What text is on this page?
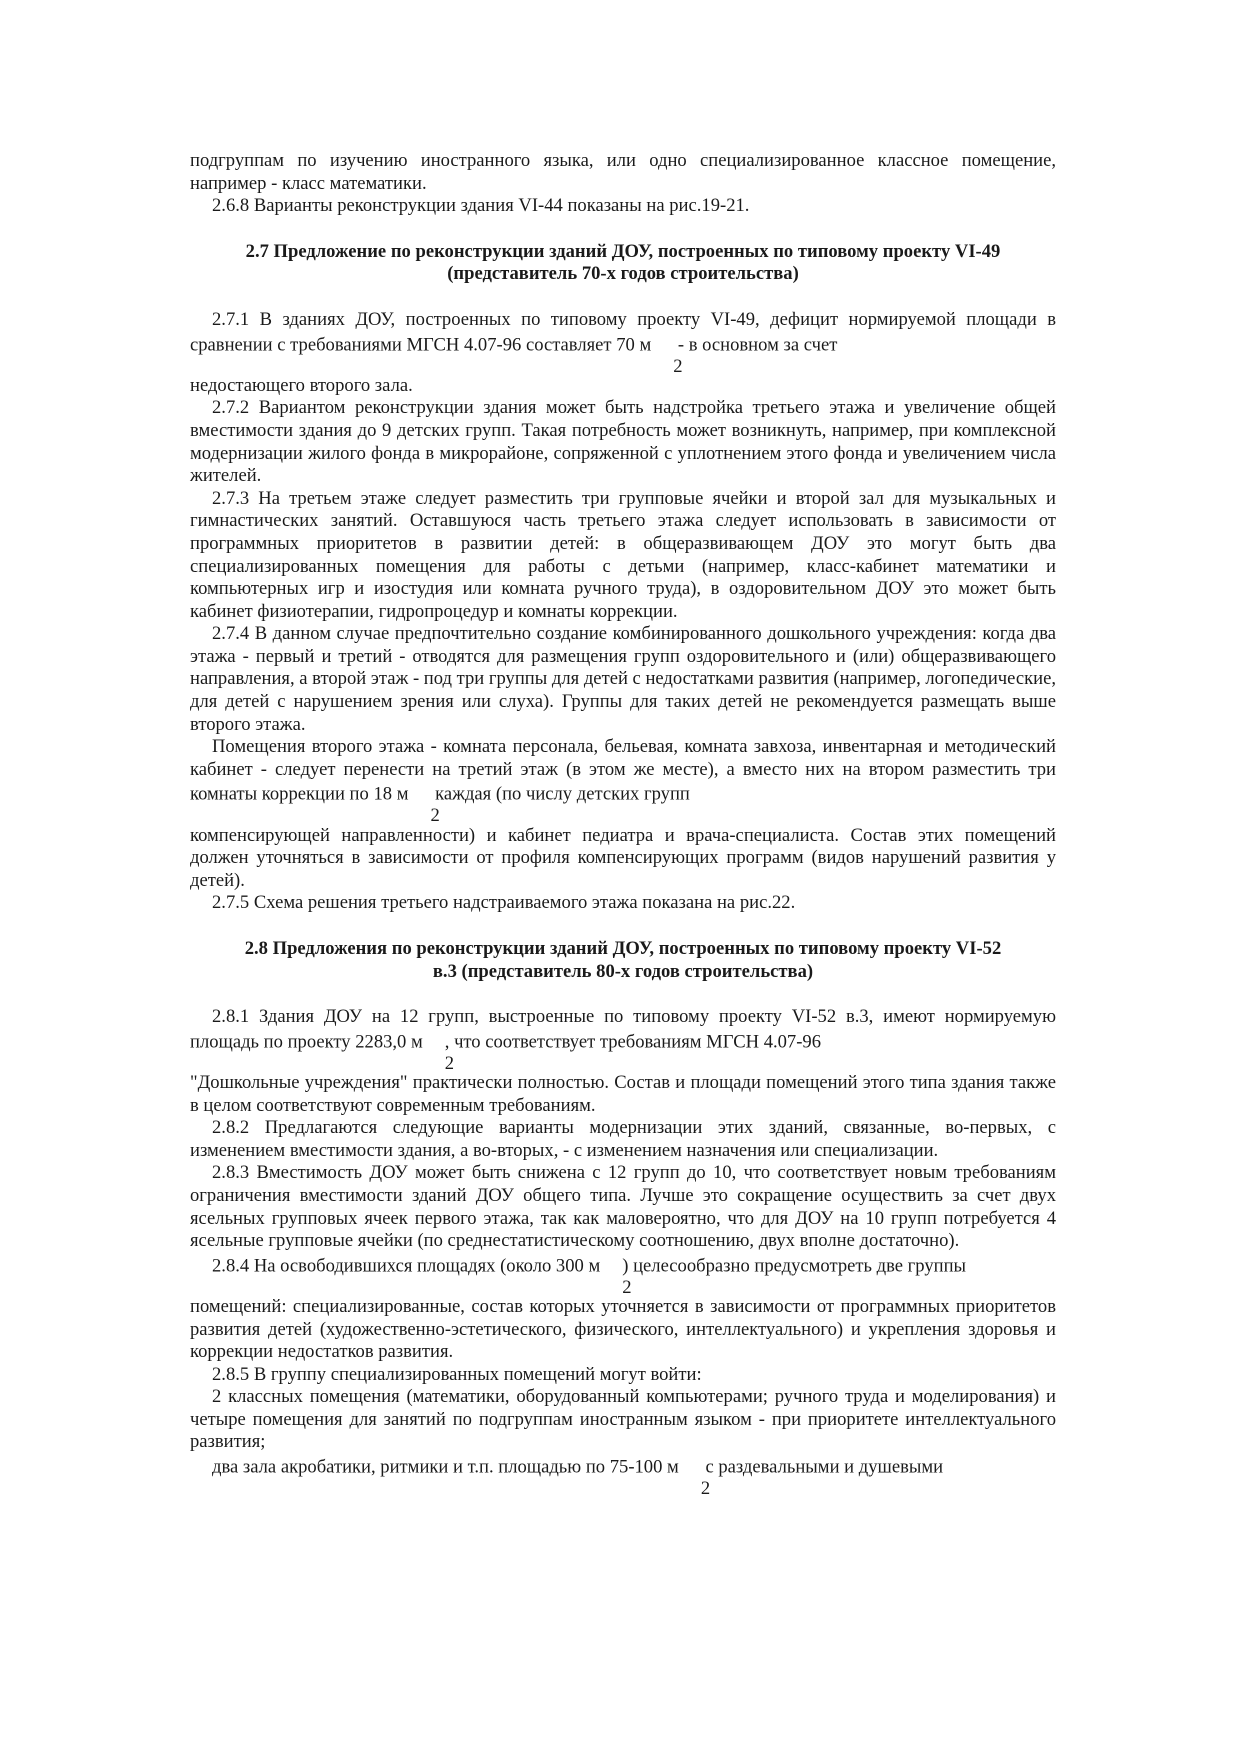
подгруппам по изучению иностранного языка, или одно специализированное классное помещение, например - класс математики.

2.6.8 Варианты реконструкции здания VI-44 показаны на рис.19-21.

2.7 Предложение по реконструкции зданий ДОУ, построенных по типовому проекту VI-49
(представитель 70-х годов строительства)

2.7.1 В зданиях ДОУ, построенных по типовому проекту VI-49, дефицит нормируемой площади в сравнении с требованиями МГСН 4.07-96 составляет 70 м
2
- в основном за счет

недостающего второго зала.

2.7.2 Вариантом реконструкции здания может быть надстройка третьего этажа и увеличение общей вместимости здания до 9 детских групп. Такая потребность может возникнуть, например, при комплексной модернизации жилого фонда в микрорайоне, сопряженной с уплотнением этого фонда и увеличением числа жителей.

2.7.3 На третьем этаже следует разместить три групповые ячейки и второй зал для музыкальных и гимнастических занятий. Оставшуюся часть третьего этажа следует использовать в зависимости от программных приоритетов в развитии детей: в общеразвивающем ДОУ это могут быть два специализированных помещения для работы с детьми (например, класс-кабинет математики и компьютерных игр и изостудия или комната ручного труда), в оздоровительном ДОУ это может быть кабинет физиотерапии, гидропроцедур и комнаты коррекции.

2.7.4 В данном случае предпочтительно создание комбинированного дошкольного учреждения: когда два этажа - первый и третий - отводятся для размещения групп оздоровительного и (или) общеразвивающего направления, а второй этаж - под три группы для детей с недостатками развития (например, логопедические, для детей с нарушением зрения или слуха). Группы для таких детей не рекомендуется размещать выше второго этажа.

Помещения второго этажа - комната персонала, бельевая, комната завхоза, инвентарная и методический кабинет - следует перенести на третий этаж (в этом же месте), а вместо них на втором разместить три комнаты коррекции по 18 м
2
каждая (по числу детских групп

компенсирующей направленности) и кабинет педиатра и врача-специалиста. Состав этих помещений должен уточняться в зависимости от профиля компенсирующих программ (видов нарушений развития у детей).

2.7.5 Схема решения третьего надстраиваемого этажа показана на рис.22.

2.8 Предложения по реконструкции зданий ДОУ, построенных по типовому проекту VI-52
в.3 (представитель 80-х годов строительства)

2.8.1 Здания ДОУ на 12 групп, выстроенные по типовому проекту VI-52 в.3, имеют нормируемую площадь по проекту 2283,0 м
2
, что соответствует требованиям МГСН 4.07-96

"Дошкольные учреждения" практически полностью. Состав и площади помещений этого типа здания также в целом соответствуют современным требованиям.

2.8.2 Предлагаются следующие варианты модернизации этих зданий, связанные, во-первых, с изменением вместимости здания, а во-вторых, - с изменением назначения или специализации.

2.8.3 Вместимость ДОУ может быть снижена с 12 групп до 10, что соответствует новым требованиям ограничения вместимости зданий ДОУ общего типа. Лучше это сокращение осуществить за счет двух ясельных групповых ячеек первого этажа, так как маловероятно, что для ДОУ на 10 групп потребуется 4 ясельные групповые ячейки (по среднестатистическому соотношению, двух вполне достаточно).

2.8.4 На освободившихся площадях (около 300 м
2
) целесообразно предусмотреть две группы

помещений: специализированные, состав которых уточняется в зависимости от программных приоритетов развития детей (художественно-эстетического, физического, интеллектуального) и укрепления здоровья и коррекции недостатков развития.

2.8.5 В группу специализированных помещений могут войти:

2 классных помещения (математики, оборудованный компьютерами; ручного труда и моделирования) и четыре помещения для занятий по подгруппам иностранным языком - при приоритете интеллектуального развития;

два зала акробатики, ритмики и т.п. площадью по 75-100 м
2
с раздевальными и душевыми
